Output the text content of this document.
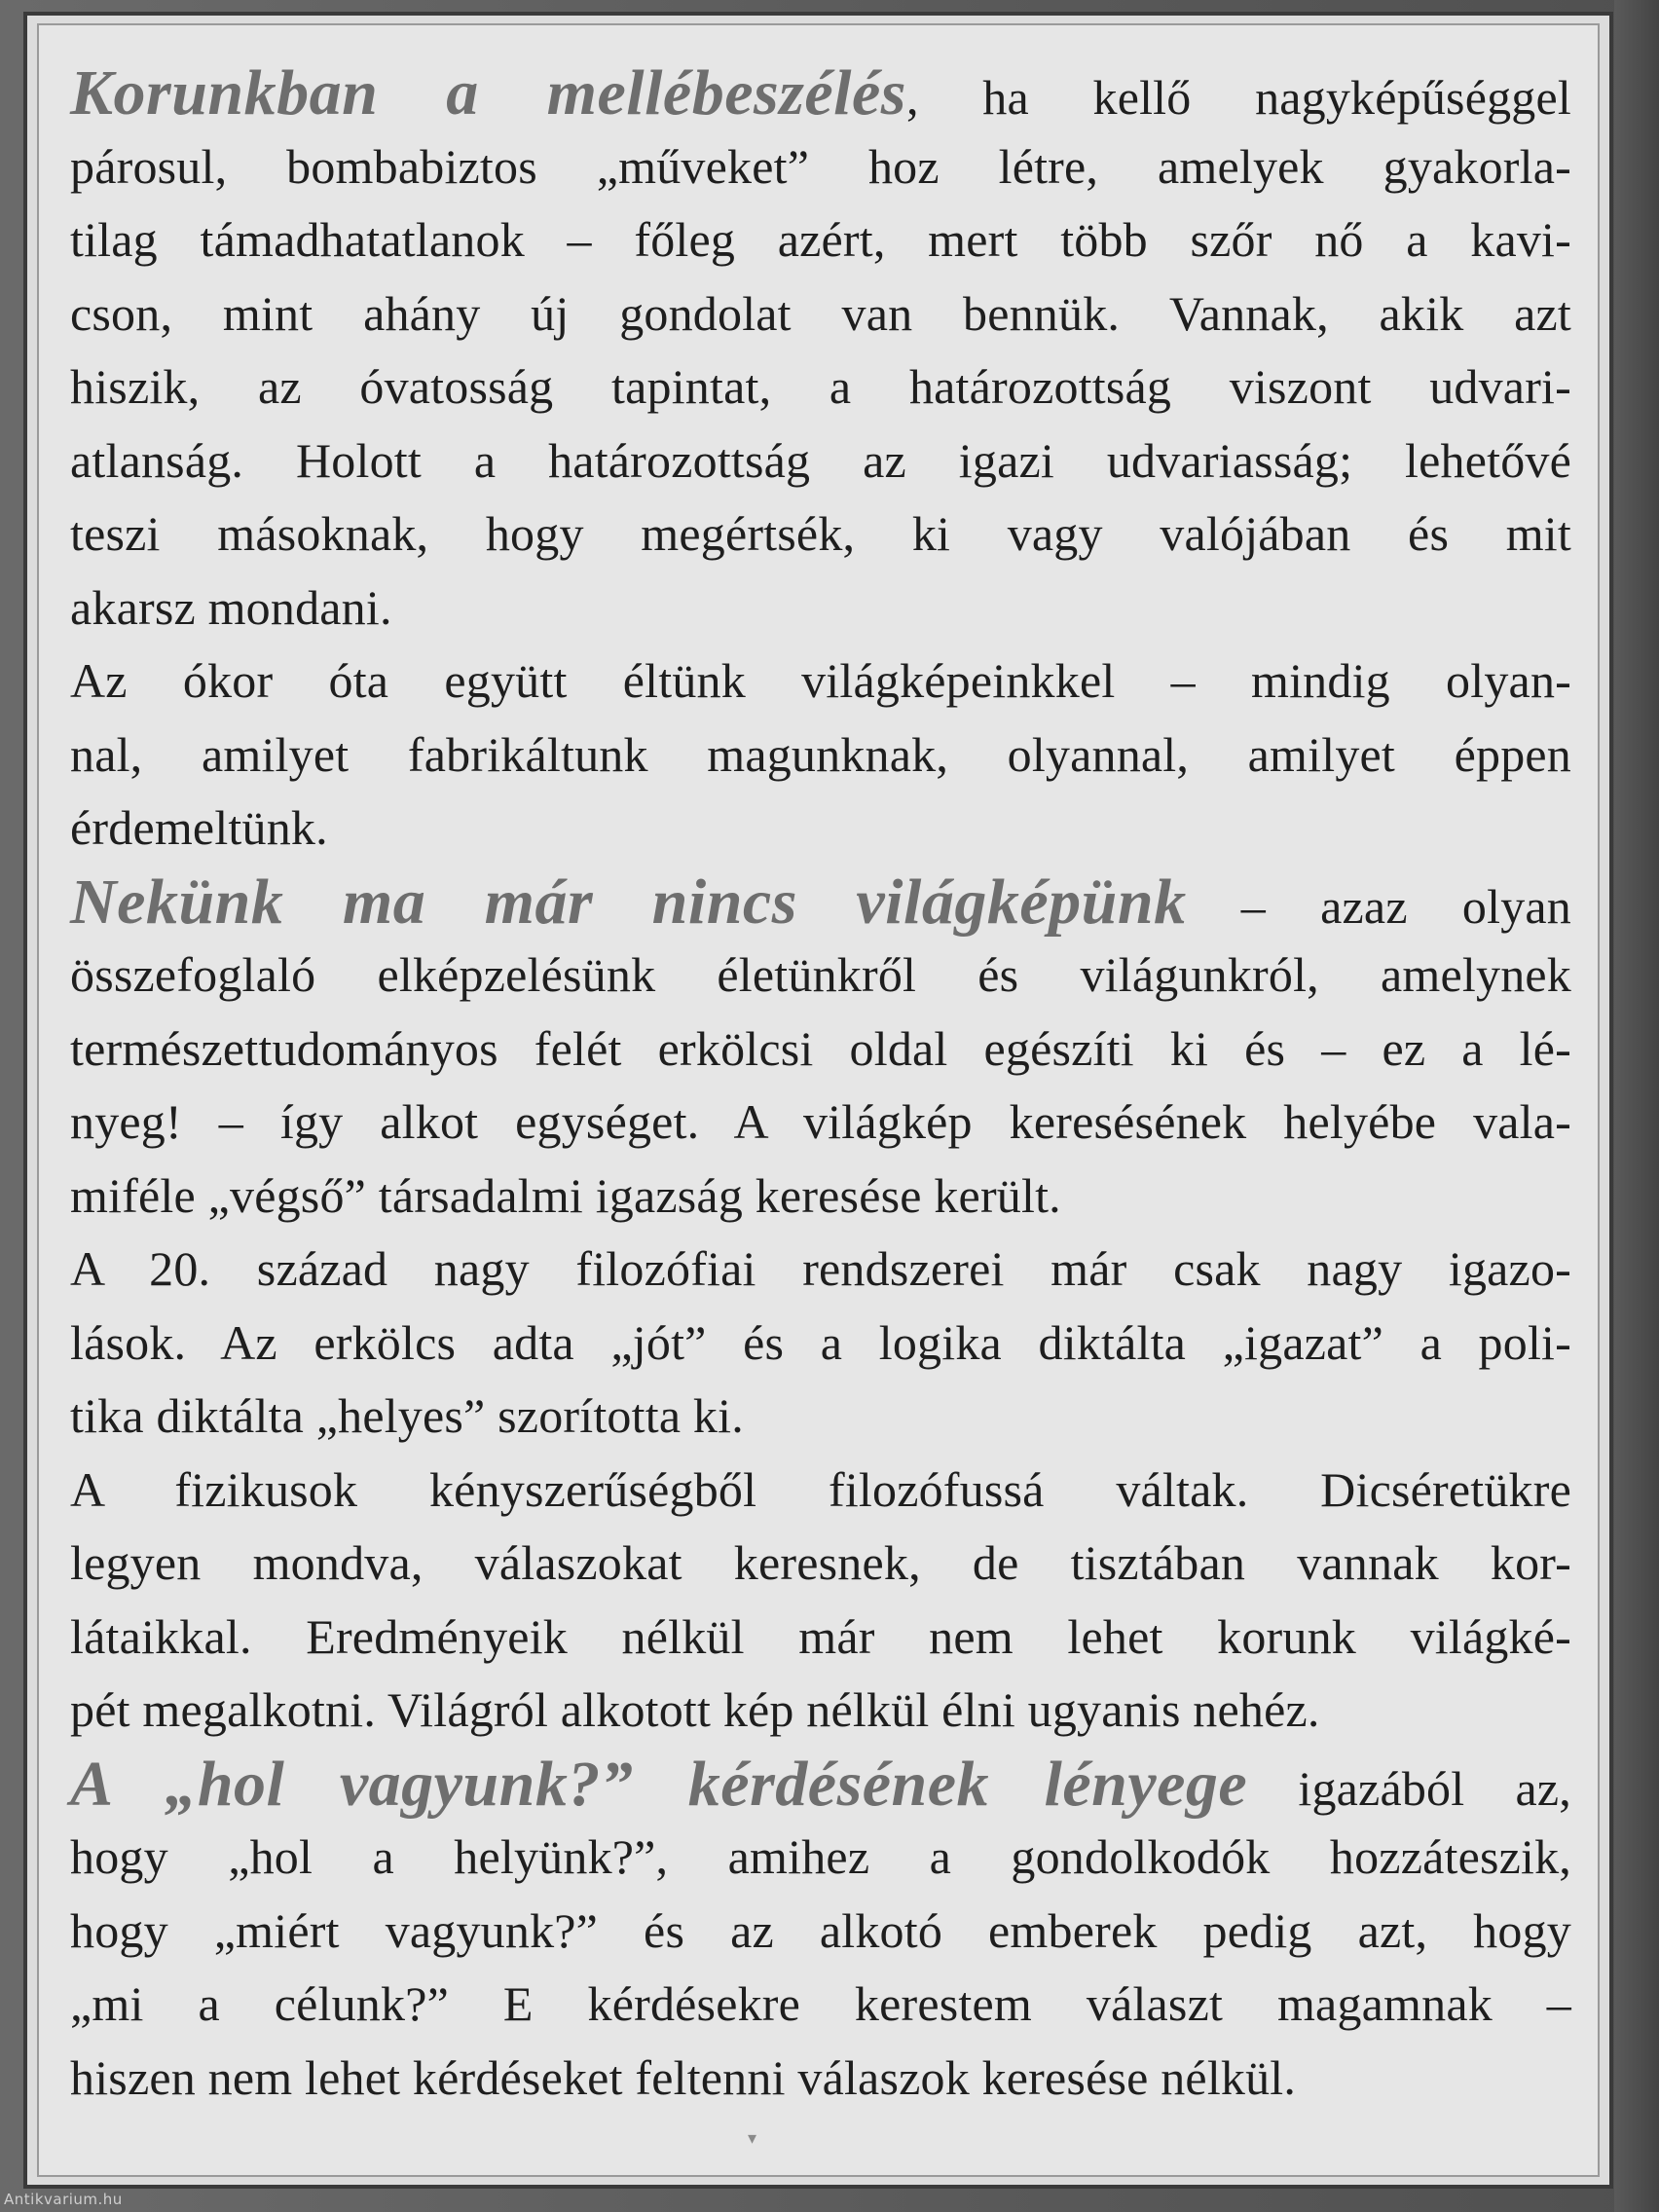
Korunkban a mellébeszélés, ha kellő nagyképűséggel
párosul, bombabiztos „műveket” hoz létre, amelyek gyakorla-
tilag támadhatatlanok – főleg azért, mert több szőr nő a kavi-
cson, mint ahány új gondolat van bennük. Vannak, akik azt
hiszik, az óvatosság tapintat, a határozottság viszont udvari-
atlanság. Holott a határozottság az igazi udvariasság; lehetővé
teszi másoknak, hogy megértsék, ki vagy valójában és mit
akarsz mondani.
Az ókor óta együtt éltünk világképeinkkel – mindig olyan-
nal, amilyet fabrikáltunk magunknak, olyannal, amilyet éppen
érdemeltünk.
Nekünk ma már nincs világképünk – azaz olyan
összefoglaló elképzelésünk életünkről és világunkról, amelynek
természettudományos felét erkölcsi oldal egészíti ki és – ez a lé-
nyeg! – így alkot egységet. A világkép keresésének helyébe vala-
miféle „végső” társadalmi igazság keresése került.
A 20. század nagy filozófiai rendszerei már csak nagy igazo-
lások. Az erkölcs adta „jót” és a logika diktálta „igazat” a poli-
tika diktálta „helyes” szorította ki.
A fizikusok kényszerűségből filozófussá váltak. Dicséretükre
legyen mondva, válaszokat keresnek, de tisztában vannak kor-
látaikkal. Eredményeik nélkül már nem lehet korunk világké-
pét megalkotni. Világról alkotott kép nélkül élni ugyanis nehéz.
A „hol vagyunk?” kérdésének lényege igazából az,
hogy „hol a helyünk?”, amihez a gondolkodók hozzáteszik,
hogy „miért vagyunk?” és az alkotó emberek pedig azt, hogy
„mi a célunk?” E kérdésekre kerestem választ magamnak –
hiszen nem lehet kérdéseket feltenni válaszok keresése nélkül.
▾
Antikvarium.hu
